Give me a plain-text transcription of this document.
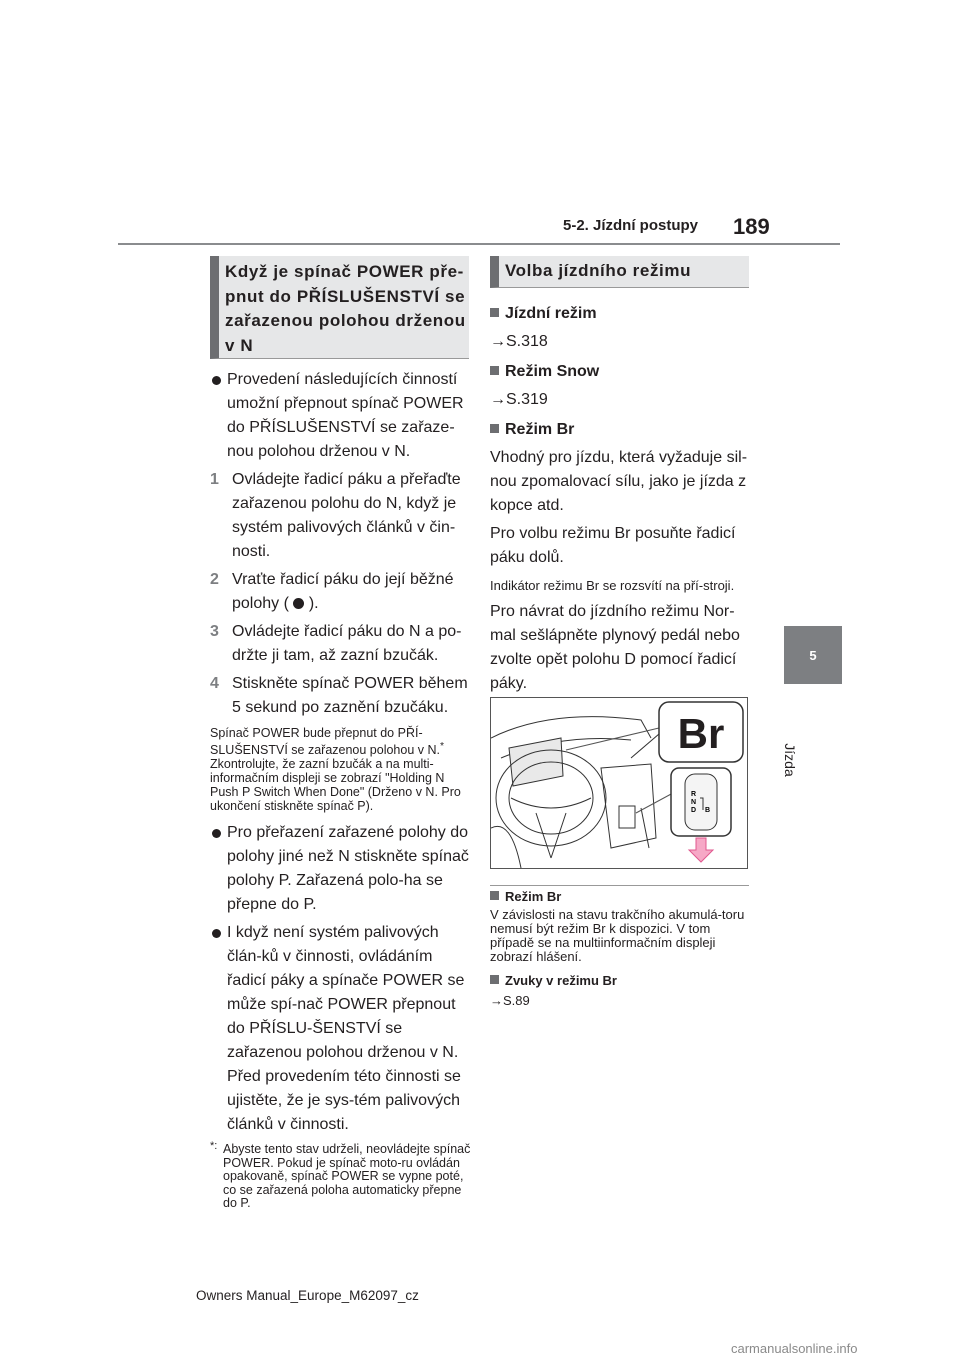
5-2. Jízdní postupy 189
5
Jízda
Když je spínač POWER pře-pnut do PŘÍSLUŠENSTVÍ se zařazenou polohou drženou v N
Provedení následujících činností umožní přepnout spínač POWER do PŘÍSLUŠENSTVÍ se zařaze-nou polohou drženou v N.
1 Ovládejte řadicí páku a přeřaďte zařazenou polohu do N, když je systém palivových článků v čin-nosti.
2 Vraťte řadicí páku do její běžné polohy ( ).
3 Ovládejte řadicí páku do N a po-držte ji tam, až zazní bzučák.
4 Stiskněte spínač POWER během 5 sekund po zaznění bzučáku.
Spínač POWER bude přepnut do PŘÍ-SLUŠENSTVÍ se zařazenou polohou v N.* Zkontrolujte, že zazní bzučák a na multi-informačním displeji se zobrazí "Holding N Push P Switch When Done" (Drženo v N. Pro ukončení stiskněte spínač P).
Pro přeřazení zařazené polohy do polohy jiné než N stiskněte spínač polohy P. Zařazená polo-ha se přepne do P.
I když není systém palivových člán-ků v činnosti, ovládáním řadicí páky a spínače POWER se může spí-nač POWER přepnout do PŘÍSLU-ŠENSTVÍ se zařazenou polohou drženou v N. Před provedením této činnosti se ujistěte, že je sys-tém palivových článků v činnosti.
*: Abyste tento stav udrželi, neovládejte spínač POWER. Pokud je spínač moto-ru ovládán opakovaně, spínač POWER se vypne poté, co se zařazená poloha automaticky přepne do P.
Volba jízdního režimu
Jízdní režim
→S.318
Režim Snow
→S.319
Režim Br
Vhodný pro jízdu, která vyžaduje sil-nou zpomalovací sílu, jako je jízda z kopce atd.
Pro volbu režimu Br posuňte řadicí páku dolů.
Indikátor režimu Br se rozsvítí na pří-stroji.
Pro návrat do jízdního režimu Nor-mal sešlápněte plynový pedál nebo zvolte opět polohu D pomocí řadicí páky.
Br
R
N
D B
Režim Br
V závislosti na stavu trakčního akumulá-toru nemusí být režim Br k dispozici. V tom případě se na multiinformačním displeji zobrazí hlášení.
Zvuky v režimu Br
→S.89
Owners Manual_Europe_M62097_cz
carmanualsonline.info
